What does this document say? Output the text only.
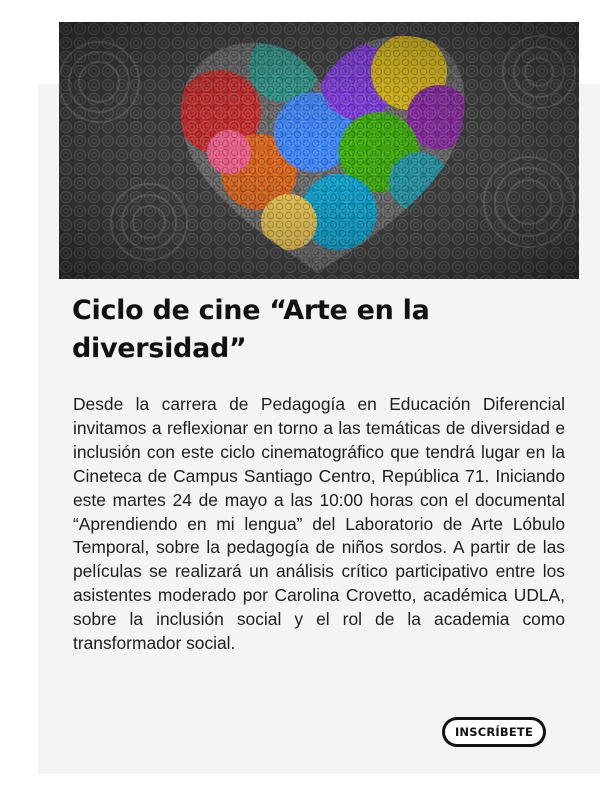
Ciclo de cine “Arte en la diversidad”

Desde la carrera de Pedagogía en Educación Diferencial invitamos a reflexionar en torno a las temáticas de diversidad e inclusión con este ciclo cinematográfico que tendrá lugar en la Cineteca de Campus Santiago Centro, República 71. Iniciando este martes 24 de mayo a las 10:00 horas con el documental “Aprendiendo en mi lengua” del Laboratorio de Arte Lóbulo Temporal, sobre la pedagogía de niños sordos. A partir de las películas se realizará un análisis crítico participativo entre los asistentes moderado por Carolina Crovetto, académica UDLA, sobre la inclusión social y el rol de la academia como transformador social.

INSCRÍBETE
